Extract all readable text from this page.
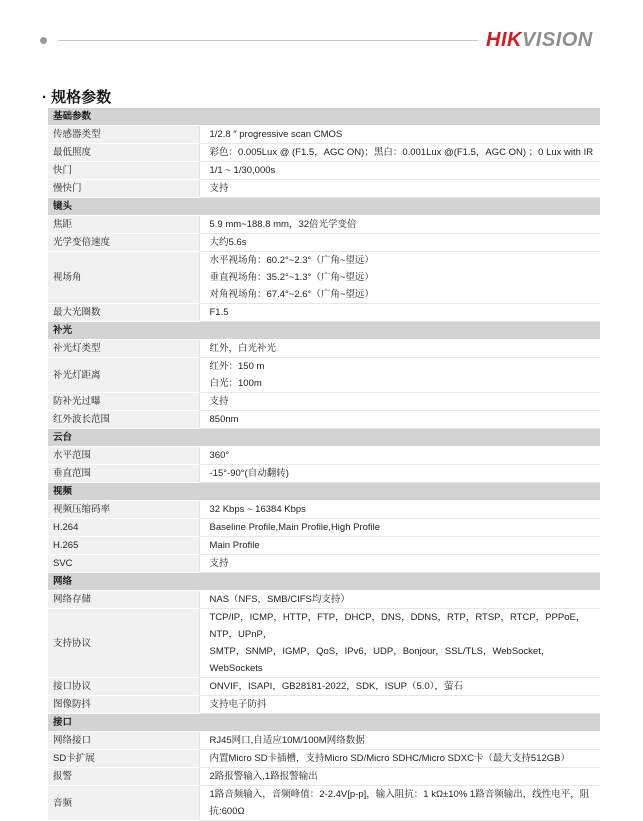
HIKVISION
· 规格参数
基础参数	
传感器类型	1/2.8 ″ progressive scan CMOS

最低照度	彩色：0.005Lux @ (F1.5，AGC ON)；黑白：0.001Lux @(F1.5，AGC ON) ；0 Lux with IR

快门	1/1 ~ 1/30,000s

慢快门	支持

镜头	
焦距	5.9 mm~188.8 mm，32倍光学变倍

光学变倍速度	大约5.6s

视场角	水平视场角：60.2°~2.3°（广角~望远）
垂直视场角：35.2°~1.3°（广角~望远）
对角视场角：67.4°~2.6°（广角~望远）

最大光圈数	F1.5

补光	
补光灯类型	红外，白光补光

补光灯距离	红外：150 m
白光：100m

防补光过曝	支持

红外波长范围	850nm

云台	
水平范围	360°

垂直范围	-15°-90°(自动翻转)

视频	
视频压缩码率	32 Kbps ~ 16384 Kbps

H.264	Baseline Profile,Main Profile,High Profile

H.265	Main Profile

SVC	支持

网络	
网络存储	NAS（NFS，SMB/CIFS均支持）

支持协议	TCP/IP，ICMP，HTTP，FTP，DHCP，DNS，DDNS，RTP，RTSP，RTCP，PPPoE，NTP，UPnP，
SMTP，SNMP，IGMP，QoS，IPv6，UDP，Bonjour，SSL/TLS，WebSocket，WebSockets

接口协议	ONVIF，ISAPI，GB28181-2022，SDK，ISUP（5.0），萤石

图像防抖	支持电子防抖

接口	
网络接口	RJ45网口,自适应10M/100M网络数据

SD卡扩展	内置Micro SD卡插槽，支持Micro SD/Micro SDHC/Micro SDXC卡（最大支持512GB）

报警	2路报警输入,1路报警输出

音频	1路音频输入，音频峰值：2-2.4V[p-p]，输入阻抗：1 kΩ±10% 1路音频输出，线性电平，阻
抗:600Ω
